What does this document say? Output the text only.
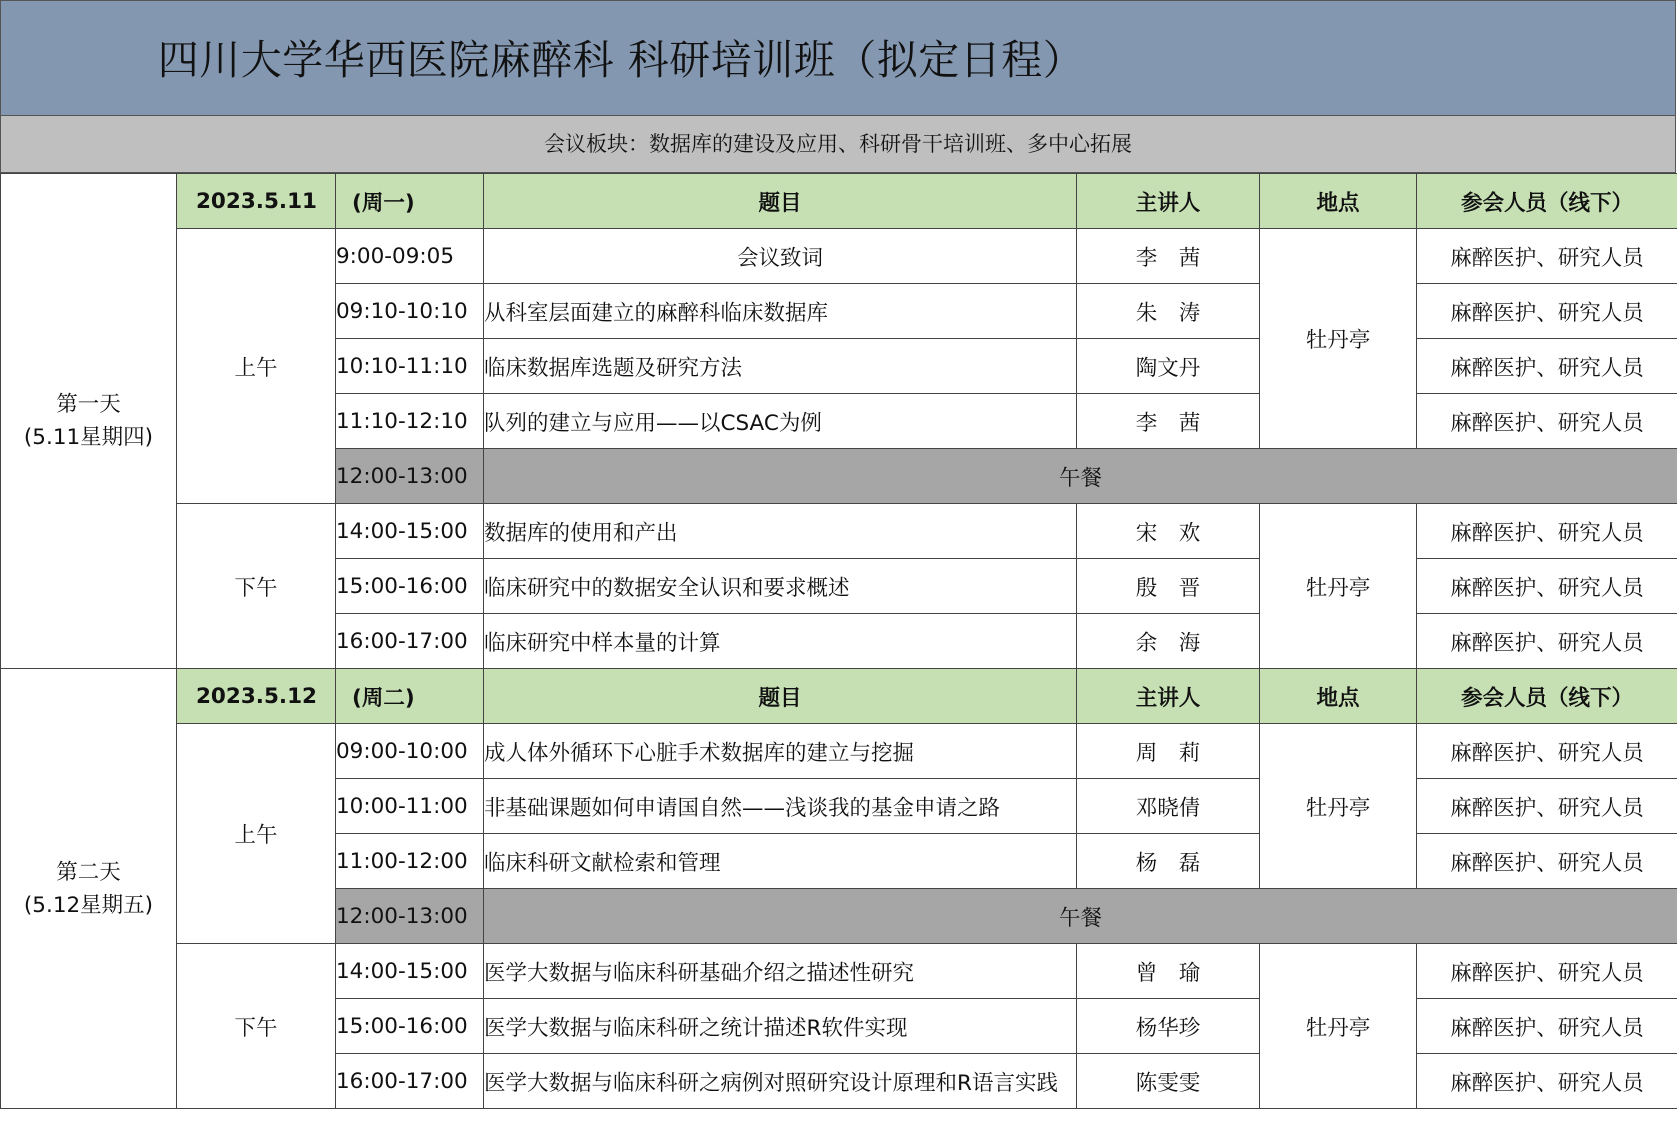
四川大学华西医院麻醉科 科研培训班（拟定日程）
会议板块：数据库的建设及应用、科研骨干培训班、多中心拓展
第一天
(5.11星期四)	2023.5.11	(周一)	题目	主讲人	地点	参会人员（线下）
	上午	9:00-09:05	会议致词	李　茜	牡丹亭	麻醉医护、研究人员
		09:10-10:10	从科室层面建立的麻醉科临床数据库	朱　涛		麻醉医护、研究人员
		10:10-11:10	临床数据库选题及研究方法	陶文丹		麻醉医护、研究人员
		11:10-12:10	队列的建立与应用——以CSAC为例	李　茜		麻醉医护、研究人员
		12:00-13:00	午餐			
	下午	14:00-15:00	数据库的使用和产出	宋　欢	牡丹亭	麻醉医护、研究人员
		15:00-16:00	临床研究中的数据安全认识和要求概述	殷　晋		麻醉医护、研究人员
		16:00-17:00	临床研究中样本量的计算	余　海		麻醉医护、研究人员
第二天
(5.12星期五)	2023.5.12	(周二)	题目	主讲人	地点	参会人员（线下）
	上午	09:00-10:00	成人体外循环下心脏手术数据库的建立与挖掘	周　莉	牡丹亭	麻醉医护、研究人员
		10:00-11:00	非基础课题如何申请国自然——浅谈我的基金申请之路	邓晓倩		麻醉医护、研究人员
		11:00-12:00	临床科研文献检索和管理	杨　磊		麻醉医护、研究人员
		12:00-13:00	午餐			
	下午	14:00-15:00	医学大数据与临床科研基础介绍之描述性研究	曾　瑜	牡丹亭	麻醉医护、研究人员
		15:00-16:00	医学大数据与临床科研之统计描述R软件实现	杨华珍		麻醉医护、研究人员
		16:00-17:00	医学大数据与临床科研之病例对照研究设计原理和R语言实践	陈雯雯		麻醉医护、研究人员
